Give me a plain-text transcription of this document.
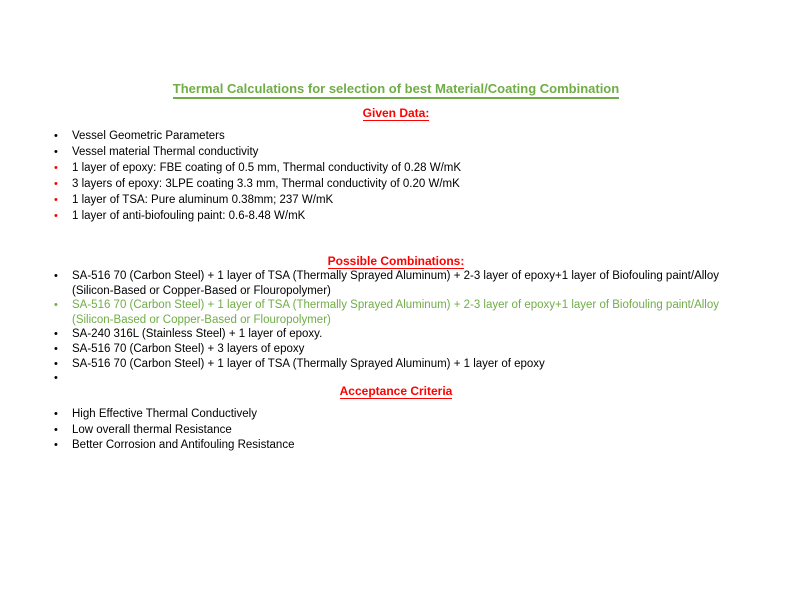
Thermal Calculations for selection of best Material/Coating Combination
Given Data:
• Vessel Geometric Parameters
• Vessel material Thermal conductivity
• 1 layer of epoxy: FBE coating of 0.5 mm, Thermal conductivity of 0.28 W/mK
• 3 layers of epoxy: 3LPE coating 3.3 mm, Thermal conductivity of 0.20 W/mK
• 1 layer of TSA: Pure aluminum 0.38mm; 237 W/mK
• 1 layer of anti-biofouling paint: 0.6-8.48 W/mK
Possible Combinations:
• SA-516 70 (Carbon Steel) + 1 layer of TSA (Thermally Sprayed Aluminum) + 2-3 layer of epoxy+1 layer of Biofouling paint/Alloy (Silicon-Based or Copper-Based or Flouropolymer)
• SA-516 70 (Carbon Steel) + 1 layer of TSA (Thermally Sprayed Aluminum) + 2-3 layer of epoxy+1 layer of Biofouling paint/Alloy (Silicon-Based or Copper-Based or Flouropolymer)
• SA-240 316L (Stainless Steel) + 1 layer of epoxy.
• SA-516 70 (Carbon Steel) + 3 layers of epoxy
• SA-516 70 (Carbon Steel) + 1 layer of TSA (Thermally Sprayed Aluminum) + 1 layer of epoxy
•
Acceptance Criteria
• High Effective Thermal Conductively
• Low overall thermal Resistance
• Better Corrosion and Antifouling Resistance
